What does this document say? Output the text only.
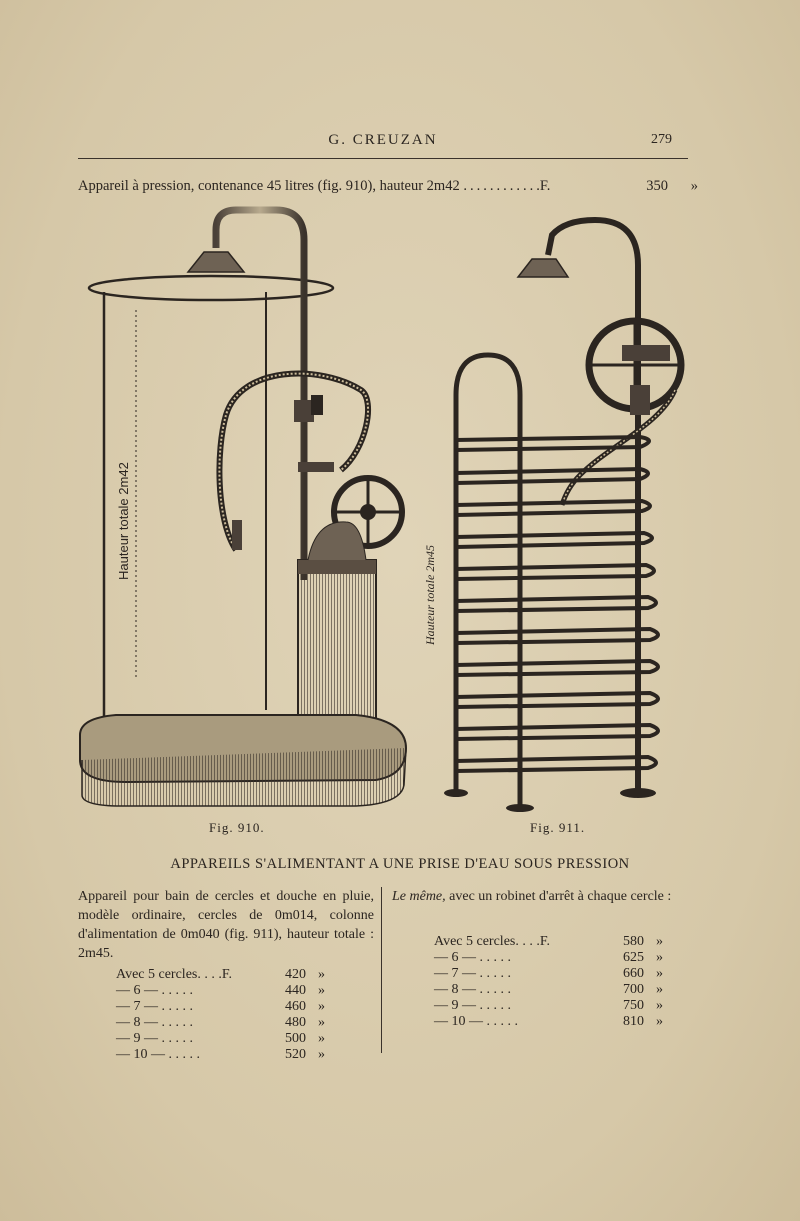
G. CREUZAN	279
Appareil à pression, contenance 45 litres (fig. 910), hauteur 2m42 ............F.	350 »
Hauteur totale 2m42
Fig. 910.
Hauteur totale 2m45
Fig. 911.
APPAREILS S'ALIMENTANT A UNE PRISE D'EAU SOUS PRESSION
Appareil pour bain de cercles et douche en pluie, modèle ordinaire, cercles de 0m014, colonne d'alimentation de 0m040 (fig. 911), hauteur totale : 2m45.
Avec 5 cercles. . . .F.	420	»
— 6 — . . . . .	440	»
— 7 — . . . . .	460	»
— 8 — . . . . .	480	»
— 9 — . . . . .	500	»
— 10 — . . . . .	520	»
Le même, avec un robinet d'arrêt à chaque cercle :
Avec 5 cercles. . . .F.	580	»
— 6 — . . . . .	625	»
— 7 — . . . . .	660	»
— 8 — . . . . .	700	»
— 9 — . . . . .	750	»
— 10 — . . . . .	810	»
